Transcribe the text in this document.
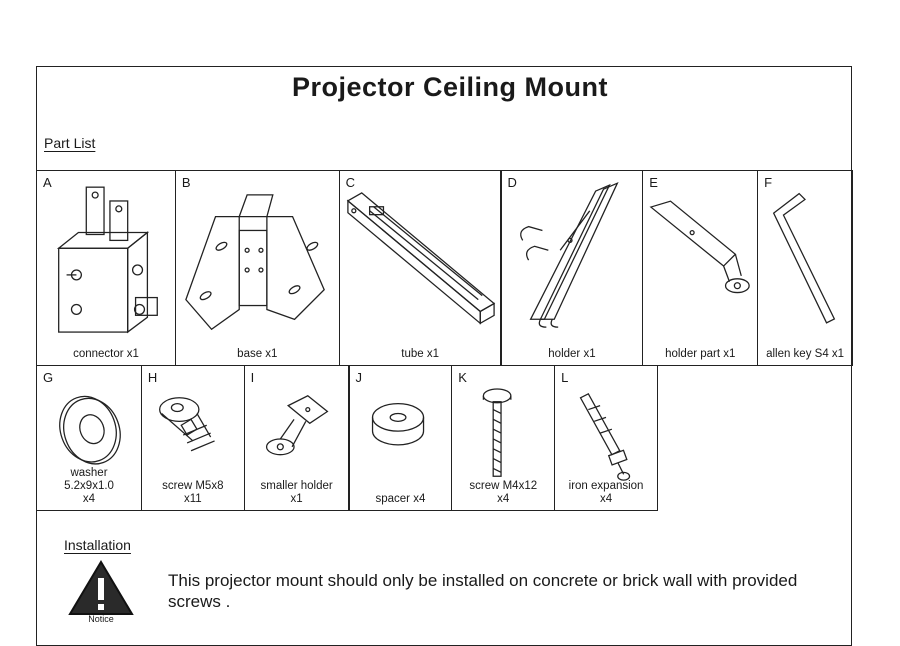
Projector Ceiling Mount
Part List
A
connector x1
B
base x1
C
tube x1
D
holder x1
E
holder part x1
F
allen key S4 x1
G
washer
5.2x9x1.0
x4
H
screw M5x8
x11
I
smaller holder
x1
J
spacer x4
K
screw M4x12
x4
L
iron expansion
x4
Installation
Notice
This projector mount should only be installed on concrete or brick wall with provided screws .
